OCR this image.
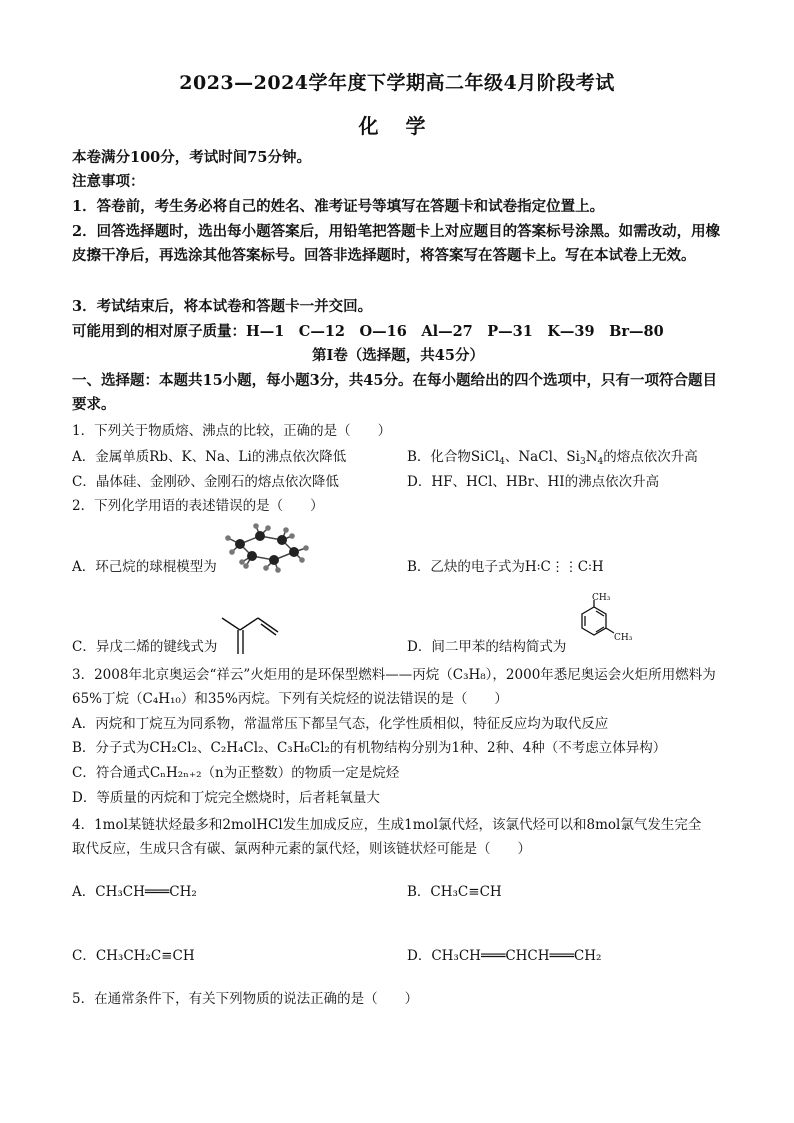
2023—2024学年度下学期高二年级4月阶段考试
化 学
本卷满分100分，考试时间75分钟。
注意事项：
1．答卷前，考生务必将自己的姓名、准考证号等填写在答题卡和试卷指定位置上。
2．回答选择题时，选出每小题答案后，用铅笔把答题卡上对应题目的答案标号涂黑。如需改动，用橡皮擦干净后，再选涂其他答案标号。回答非选择题时，将答案写在答题卡上。写在本试卷上无效。
3．考试结束后，将本试卷和答题卡一并交回。
可能用到的相对原子质量：H—1　C—12　O—16　Al—27　P—31　K—39　Br—80
第Ⅰ卷（选择题，共45分）
一、选择题：本题共15小题，每小题3分，共45分。在每小题给出的四个选项中，只有一项符合题目要求。
1．下列关于物质熔、沸点的比较，正确的是（　　）
A．金属单质Rb、K、Na、Li的沸点依次降低	B．化合物SiCl$_4$、NaCl、$Si_3N_4$的熔点依次升高
C．晶体硅、金刚砂、金刚石的熔点依次降低	D．HF、HCl、HBr、HI的沸点依次升高
2．下列化学用语的表述错误的是（　　）
A．环己烷的球棍模型为	B．乙炔的电子式为H꞉C⋮⋮C꞉H
C．异戊二烯的键线式为	D．间二甲苯的结构简式为
CH₃
CH₃
3．2008年北京奥运会“祥云”火炬用的是环保型燃料——丙烷（C₃H₈），2000年悉尼奥运会火炬所用燃料为
65%丁烷（C₄H₁₀）和35%丙烷。下列有关烷烃的说法错误的是（　　）
A．丙烷和丁烷互为同系物，常温常压下都呈气态，化学性质相似，特征反应均为取代反应
B．分子式为CH₂Cl₂、C₂H₄Cl₂、C₃H₆Cl₂的有机物结构分别为1种、2种、4种（不考虑立体异构）
C．符合通式CₙH₂ₙ₊₂（n为正整数）的物质一定是烷烃
D．等质量的丙烷和丁烷完全燃烧时，后者耗氧量大
4．1mol某链状烃最多和2molHCl发生加成反应，生成1mol氯代烃，该氯代烃可以和8mol氯气发生完全
取代反应，生成只含有碳、氯两种元素的氯代烃，则该链状烃可能是（　　）
A．CH₃CH═══CH₂	B．CH₃C≡CH
C．CH₃CH₂C≡CH	D．CH₃CH═══CHCH═══CH₂
5．在通常条件下，有关下列物质的说法正确的是（　　）
